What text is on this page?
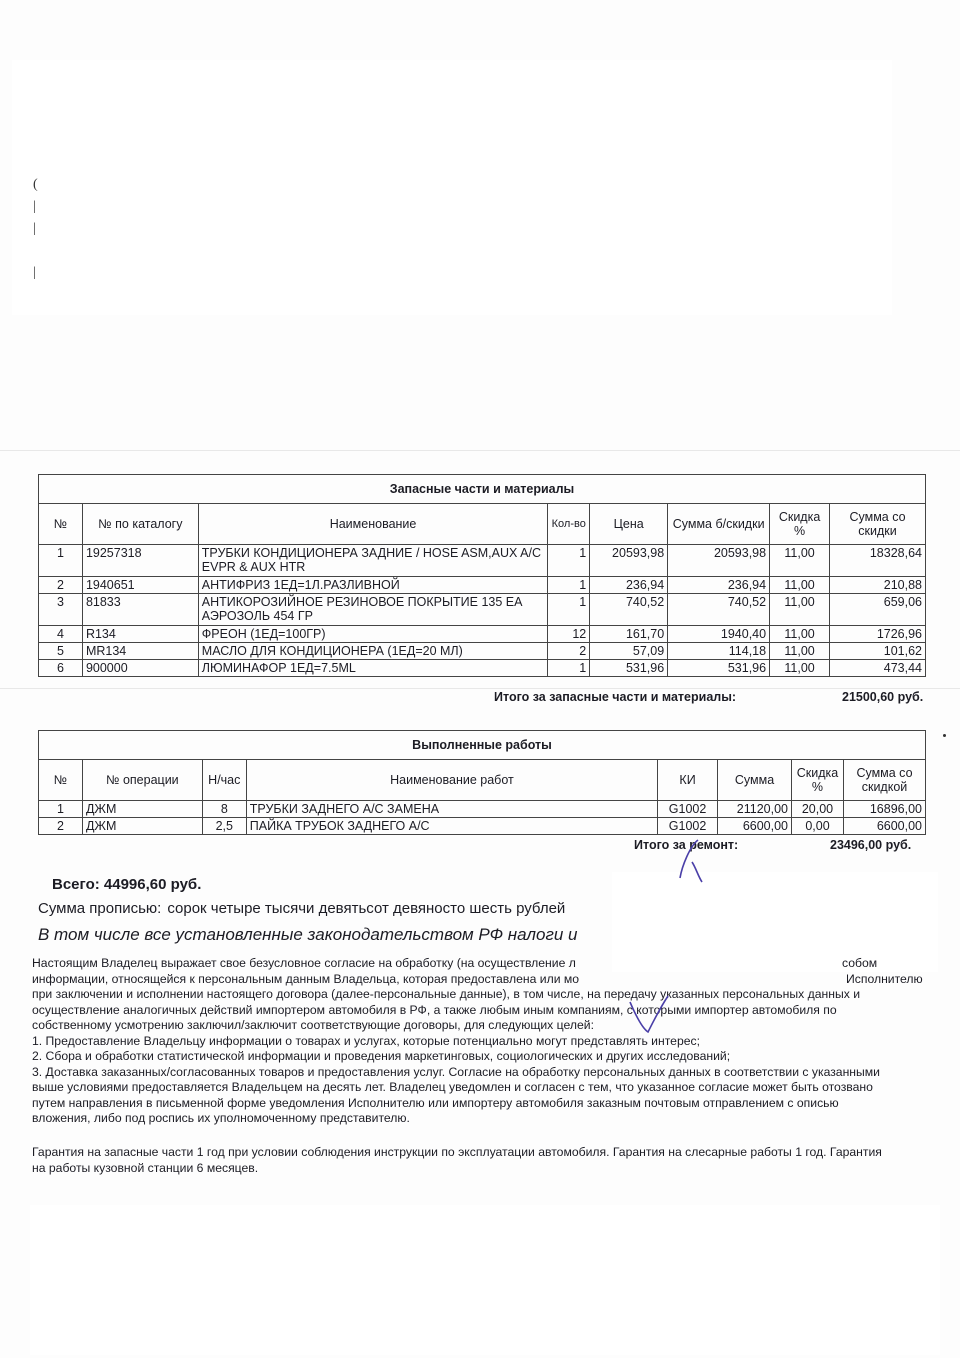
(
|
|

|
Запасные части и материалы							
№	№ по каталогу	Наименование	Кол-во	Цена	Сумма б/скидки	Скидка %	Сумма со скидки
1	19257318	ТРУБКИ КОНДИЦИОНЕРА ЗАДНИЕ / HOSE ASM,AUX A/C EVPR & AUX HTR	1	20593,98	20593,98	11,00	18328,64
2	1940651	АНТИФРИЗ 1ЕД=1Л.РАЗЛИВНОЙ	1	236,94	236,94	11,00	210,88
3	81833	АНТИКОРОЗИЙНОЕ РЕЗИНОВОЕ ПОКРЫТИЕ 135 ЕА АЭРОЗОЛЬ 454 ГР	1	740,52	740,52	11,00	659,06
4	R134	ФРЕОН (1ЕД=100ГР)	12	161,70	1940,40	11,00	1726,96
5	MR134	МАСЛО ДЛЯ КОНДИЦИОНЕРА (1ЕД=20 МЛ)	2	57,09	114,18	11,00	101,62
6	900000	ЛЮМИНАФОР 1ЕД=7.5ML	1	531,96	531,96	11,00	473,44
Итого за запасные части и материалы:	21500,60 руб.
Выполненные работы							
№	№ операции	Н/час	Наименование работ	КИ	Сумма	Скидка %	Сумма со скидкой
1	ДЖМ	8	ТРУБКИ ЗАДНЕГО А/С ЗАМЕНА	G1002	21120,00	20,00	16896,00
2	ДЖМ	2,5	ПАЙКА ТРУБОК ЗАДНЕГО А/С	G1002	6600,00	0,00	6600,00
Итого за ремонт:	23496,00 руб.
Всего: 44996,60 руб.
Сумма прописью: сорок четыре тысячи девятьсот девяносто шесть рублей
В том числе все установленные законодательством РФ налоги и

Настоящим Владелец выражает свое безусловное согласие на обработку (на осуществление л

информации, относящейся к персональным данным Владельца, которая предоставлена или мо

при заключении и исполнении настоящего договора (далее-персональные данные), в том числе, на передачу указанных персональных данных и

осуществление аналогичных действий импортером автомобиля в РФ, а также любым иным компаниям, с которыми импортер автомобиля по

собственному усмотрению заключил/заключит соответствующие договоры, для следующих целей:

1. Предоставление Владельцу информации о товарах и услугах, которые потенциально могут представлять интерес;

2. Сбора и обработки статистической информации и проведения маркетинговых, социологических и других исследований;

3. Доставка заказанных/согласованных товаров и предоставления услуг. Согласие на обработку персональных данных в соответствии с указанными

выше условиями предоставляется Владельцем на десять лет. Владелец уведомлен и согласен с тем, что указанное согласие может быть отозвано

путем направления в письменной форме уведомления Исполнителю или импортеру автомобиля заказным почтовым отправлением с описью

вложения, либо под роспись их уполномоченному представителю.

собом
Исполнителю
Гарантия на запасные части 1 год при условии соблюдения инструкции по эксплуатации автомобиля. Гарантия на слесарные работы 1 год. Гарантия
на работы кузовной станции 6 месяцев.
